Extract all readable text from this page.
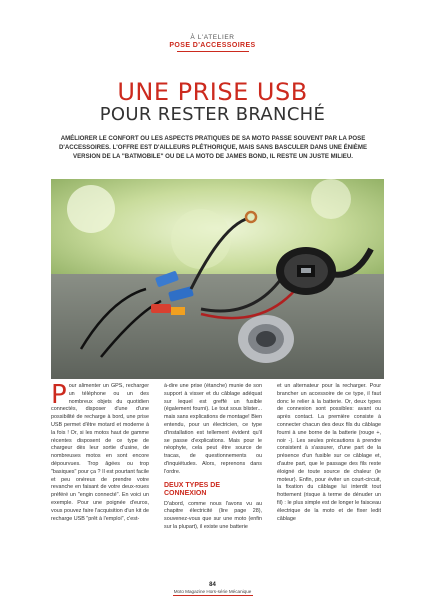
À L'ATELIER
POSE D'ACCESSOIRES
UNE PRISE USB
POUR RESTER BRANCHÉ
AMÉLIORER LE CONFORT OU LES ASPECTS PRATIQUES DE SA MOTO PASSE SOUVENT PAR LA POSE D'ACCESSOIRES. L'OFFRE EST D'AILLEURS PLÉTHORIQUE, MAIS SANS BASCULER DANS UNE ÉNIÈME VERSION DE LA "BATMOBILE" OU DE LA MOTO DE JAMES BOND, IL RESTE UN JUSTE MILIEU.
P our alimenter un GPS, recharger un téléphone ou un des nombreux objets du quotidien connectés, disposer d'une d'une possibilité de recharge à bord, une prise USB permet d'être motard et moderne à la fois ! Or, si les motos haut de gamme récentes disposent de ce type de chargeur dès leur sortie d'usine, de nombreuses motos en sont encore dépourvues. Trop âgées ou trop "basiques" pour ça ? Il est pourtant facile et peu onéreux de prendre votre revanche en faisant de votre deux-roues préféré un "engin connecté". En voici un exemple. Pour une poignée d'euros, vous pouvez faire l'acquisition d'un kit de recharge USB "prêt à l'emploi", c'est-
à-dire une prise (étanche) munie de son support à visser et du câblage adéquat sur lequel est greffé un fusible (également fourni). Le tout sous blister... mais sans explications de montage! Bien entendu, pour un électricien, ce type d'installation est tellement évident qu'il se passe d'explications. Mais pour le néophyte, cela peut être source de tracas, de questionnements ou d'inquiétudes. Alors, reprenons dans l'ordre.
DEUX TYPES DE CONNEXION
D'abord, comme nous l'avons vu au chapitre électricité (lire page 28), souvenez-vous que sur une moto (enfin sur la plupart), il existe une batterie
et un alternateur pour la recharger. Pour brancher un accessoire de ce type, il faut donc le relier à la batterie. Or, deux types de connexion sont possibles: avant ou après contact. La première consiste à connecter chacun des deux fils du câblage fourni à une borne de la batterie (rouge +, noir -). Les seules précautions à prendre consistent à s'assurer, d'une part de la présence d'un fusible sur ce câblage et, d'autre part, que le passage des fils reste éloigné de toute source de chaleur (le moteur). Enfin, pour éviter un court-circuit, la fixation du câblage lui interdit tout frottement (risque à terme de dénuder un fil) : le plus simple est de longer le faisceau électrique de la moto et de fixer ledit câblage
84
Moto Magazine Hors-série Mécanique
